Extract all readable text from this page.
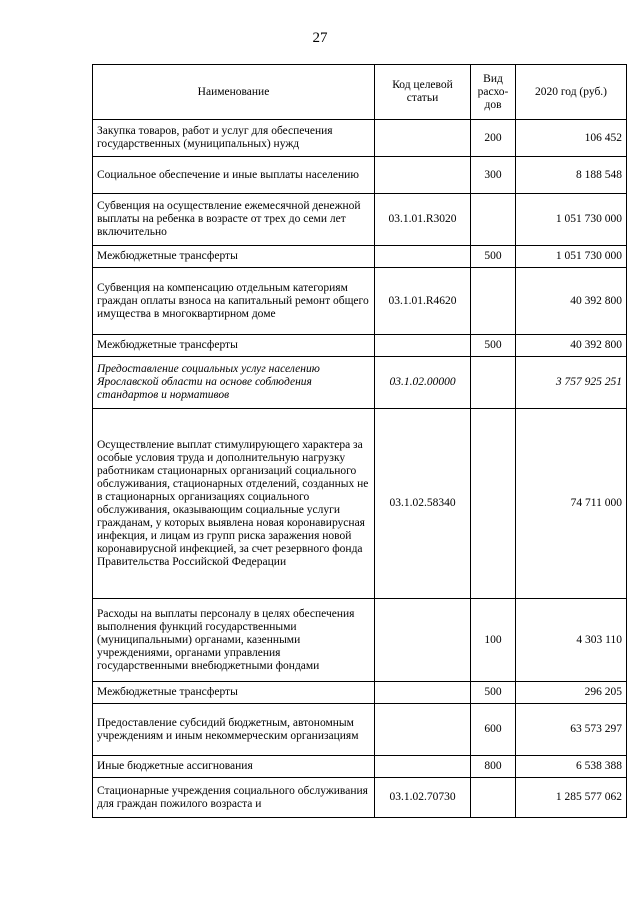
27
Наименование	Код целевой статьи	Вид расхо-дов	2020 год (руб.)
Закупка товаров, работ и услуг для обеспечения государственных (муниципальных) нужд		200	106 452
Социальное обеспечение и иные выплаты населению		300	8 188 548
Субвенция на осуществление ежемесячной денежной выплаты на ребенка в возрасте от трех до семи лет включительно	03.1.01.R3020		1 051 730 000
Межбюджетные трансферты		500	1 051 730 000
Субвенция на компенсацию отдельным категориям граждан оплаты взноса на капитальный ремонт общего имущества в многоквартирном доме	03.1.01.R4620		40 392 800
Межбюджетные трансферты		500	40 392 800
Предоставление социальных услуг населению Ярославской области на основе соблюдения стандартов и нормативов	03.1.02.00000		3 757 925 251
Осуществление выплат стимулирующего характера за особые условия труда и дополнительную нагрузку работникам стационарных организаций социального обслуживания, стационарных отделений, созданных не в стационарных организациях социального обслуживания, оказывающим социальные услуги гражданам, у которых выявлена новая коронавирусная инфекция, и лицам из групп риска заражения новой коронавирусной инфекцией, за счет резервного фонда Правительства Российской Федерации	03.1.02.58340		74 711 000
Расходы на выплаты персоналу в целях обеспечения выполнения функций государственными (муниципальными) органами, казенными учреждениями, органами управления государственными внебюджетными фондами		100	4 303 110
Межбюджетные трансферты		500	296 205
Предоставление субсидий бюджетным, автономным учреждениям и иным некоммерческим организациям		600	63 573 297
Иные бюджетные ассигнования		800	6 538 388
Стационарные учреждения социального обслуживания для граждан пожилого возраста и	03.1.02.70730		1 285 577 062
